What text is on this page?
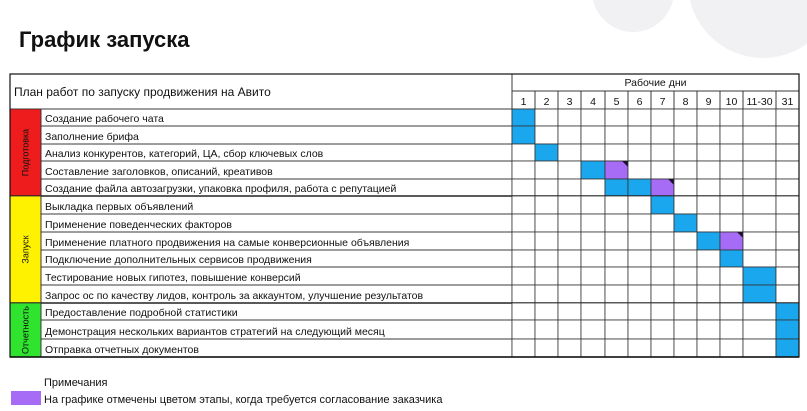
График запуска
План работ по запуску продвижения на Авито
Рабочие дни
1 2 3 4 5 6 7 8 9 10 11-30 31
Подготовка
Создание рабочего чата
Заполнение брифа
Анализ конкурентов, категорий, ЦА, сбор ключевых слов
Составление заголовков, описаний, креативов
Создание файла автозагрузки, упаковка профиля, работа с репутацией
Запуск
Выкладка первых объявлений
Применение поведенческих факторов
Применение платного продвижения на самые конверсионные объявления
Подключение дополнительных сервисов продвижения
Тестирование новых гипотез, повышение конверсий
Запрос ос по качеству лидов, контроль за аккаунтом, улучшение результатов
Отчетность Предоставление подробной статистики
Демонстрация нескольких вариантов стратегий на следующий месяц
Отправка отчетных документов
Примечания
На графике отмечены цветом этапы, когда требуется согласование заказчика
